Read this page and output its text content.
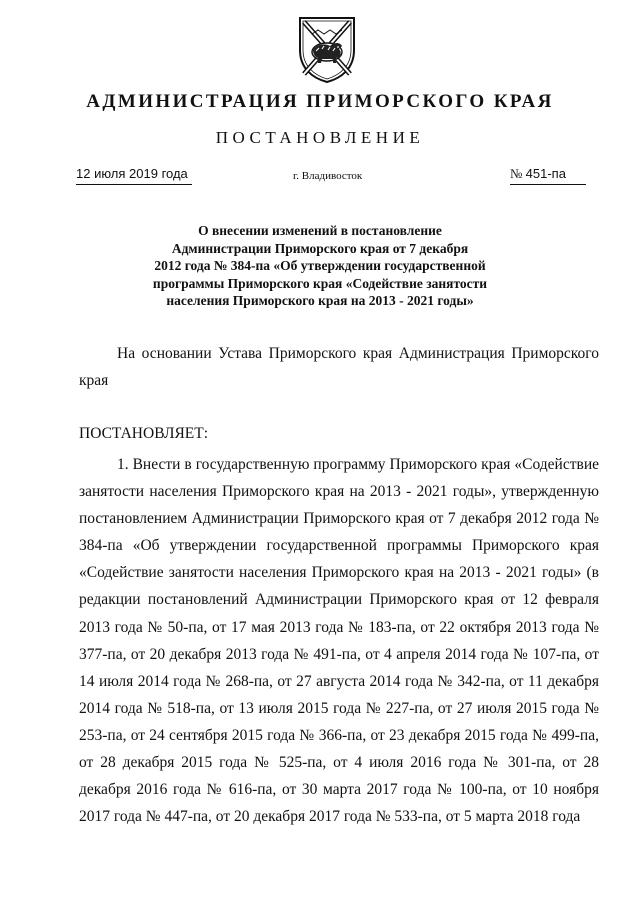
АДМИНИСТРАЦИЯ ПРИМОРСКОГО КРАЯ
ПОСТАНОВЛЕНИЕ
12 июля 2019 года	г. Владивосток	№ 451-па
О внесении изменений в постановление
Администрации Приморского края от 7 декабря
2012 года № 384-па «Об утверждении государственной
программы Приморского края «Содействие занятости
населения Приморского края на 2013 - 2021 годы»
На основании Устава Приморского края Администрация Приморского края
ПОСТАНОВЛЯЕТ:

1. Внести в государственную программу Приморского края «Содействие занятости населения Приморского края на 2013 - 2021 годы», утвержденную постановлением Администрации Приморского края от 7 декабря 2012 года № 384-па «Об утверждении государственной программы Приморского края «Содействие занятости населения Приморского края на 2013 - 2021 годы» (в редакции постановлений Администрации Приморского края от 12 февраля 2013 года № 50-па, от 17 мая 2013 года № 183-па, от 22 октября 2013 года № 377-па, от 20 декабря 2013 года № 491-па, от 4 апреля 2014 года № 107-па, от 14 июля 2014 года № 268-па, от 27 августа 2014 года № 342-па, от 11 декабря 2014 года № 518-па, от 13 июля 2015 года № 227-па, от 27 июля 2015 года № 253-па, от 24 сентября 2015 года № 366-па, от 23 декабря 2015 года № 499-па, от 28 декабря 2015 года № 525-па, от 4 июля 2016 года № 301-па, от 28 декабря 2016 года № 616-па, от 30 марта 2017 года № 100-па, от 10 ноября 2017 года № 447-па, от 20 декабря 2017 года № 533-па, от 5 марта 2018 года
